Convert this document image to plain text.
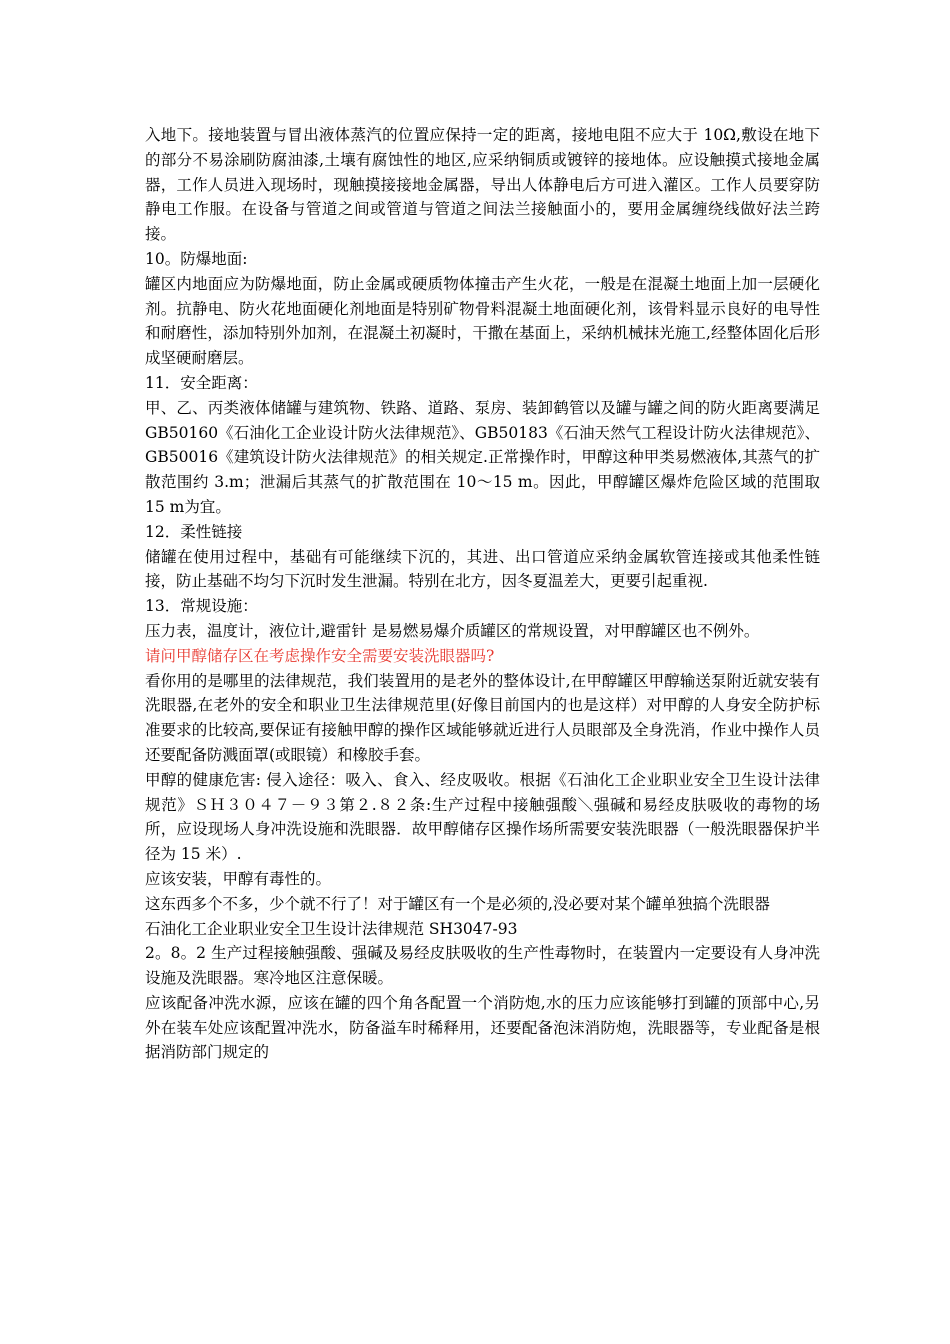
入地下。接地装置与冒出液体蒸汽的位置应保持一定的距离，接地电阻不应大于 10Ω,敷设在地下的部分不易涂刷防腐油漆,土壤有腐蚀性的地区,应采纳铜质或镀锌的接地体。应设触摸式接地金属器，工作人员进入现场时，现触摸接接地金属器，导出人体静电后方可进入灌区。工作人员要穿防静电工作服。在设备与管道之间或管道与管道之间法兰接触面小的，要用金属缠绕线做好法兰跨接。

10。防爆地面:

罐区内地面应为防爆地面，防止金属或硬质物体撞击产生火花，一般是在混凝土地面上加一层硬化剂。抗静电、防火花地面硬化剂地面是特别矿物骨料混凝土地面硬化剂，该骨料显示良好的电导性和耐磨性，添加特别外加剂，在混凝土初凝时，干撒在基面上，采纳机械抹光施工,经整体固化后形成坚硬耐磨层。

11．安全距离：

甲、乙、丙类液体储罐与建筑物、铁路、道路、泵房、装卸鹤管以及罐与罐之间的防火距离要满足 GB50160《石油化工企业设计防火法律规范》、GB50183《石油天然气工程设计防火法律规范》、GB50016《建筑设计防火法律规范》的相关规定.正常操作时，甲醇这种甲类易燃液体,其蒸气的扩散范围约 3.m；泄漏后其蒸气的扩散范围在 10～15 m。因此，甲醇罐区爆炸危险区域的范围取 15 m为宜。

12．柔性链接

储罐在使用过程中，基础有可能继续下沉的，其进、出口管道应采纳金属软管连接或其他柔性链接，防止基础不均匀下沉时发生泄漏。特别在北方，因冬夏温差大，更要引起重视.

13．常规设施：

压力表，温度计，液位计,避雷针 是易燃易爆介质罐区的常规设置，对甲醇罐区也不例外。

请问甲醇储存区在考虑操作安全需要安装洗眼器吗?

看你用的是哪里的法律规范，我们装置用的是老外的整体设计,在甲醇罐区甲醇输送泵附近就安装有洗眼器,在老外的安全和职业卫生法律规范里(好像目前国内的也是这样）对甲醇的人身安全防护标准要求的比较高,要保证有接触甲醇的操作区域能够就近进行人员眼部及全身洗消，作业中操作人员还要配备防溅面罩(或眼镜）和橡胶手套。

甲醇的健康危害: 侵入途径：吸入、食入、经皮吸收。根据《石油化工企业职业安全卫生设计法律规范》ＳＨ３０４７－９３第２.８２条:生产过程中接触强酸＼强碱和易经皮肤吸收的毒物的场所，应设现场人身冲洗设施和洗眼器．故甲醇储存区操作场所需要安装洗眼器（一般洗眼器保护半径为 15 米）.

应该安装，甲醇有毒性的。

这东西多个不多，少个就不行了！对于罐区有一个是必须的,没必要对某个罐单独搞个洗眼器

石油化工企业职业安全卫生设计法律规范 SH3047-93

2。8。2 生产过程接触强酸、强碱及易经皮肤吸收的生产性毒物时，在装置内一定要设有人身冲洗设施及洗眼器。寒冷地区注意保暖。

应该配备冲洗水源，应该在罐的四个角各配置一个消防炮,水的压力应该能够打到罐的顶部中心,另外在装车处应该配置冲洗水，防备溢车时稀释用，还要配备泡沫消防炮，洗眼器等，专业配备是根据消防部门规定的
